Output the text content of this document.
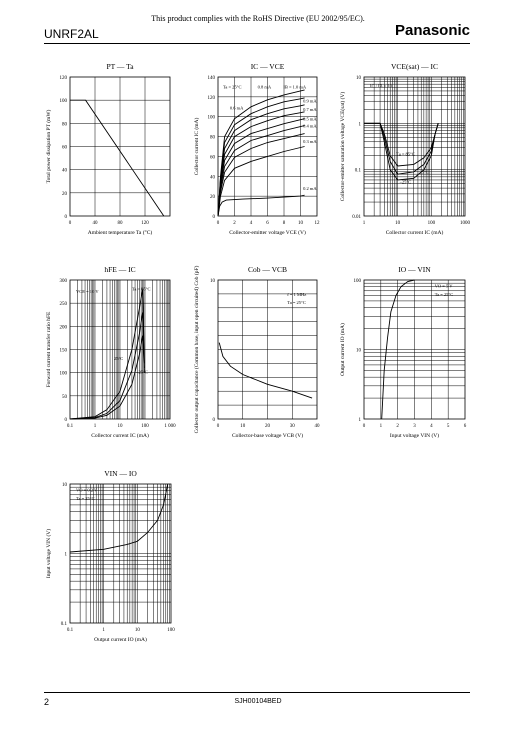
This product complies with the RoHS Directive (EU 2002/95/EC).
UNRF2AL	Panasonic
2	SJH00104BED
0	40	80	120
0
20
40
60
80
100
120
PT — Ta
Ambient temperature Ta (°C)
Total power dissipation PT (mW)
0	2	4	6	8	10 12
0
20
40
60
80
100
120
140
IC — VCE
Collector-emitter voltage VCE (V)
Collector current IC (mA)
Ta = 25°C
0.6 mA
0.8 mA	IB = 1.0 mA
0.9 mA
0.7 mA
0.5 mA
0.4 mA
0.3 mA
0.2 mA
1	10	100	1000
0.01
0.1
1
10
VCE(sat) — IC
Collector current IC (mA)
Collector-emitter saturation voltage VCE(sat) (V)
IC / IB = 10
Ta = 85°C
25°C
−25°C
0.1	1	10	100	1 000
0
50
100
150
200
250
300
hFE — IC
Collector current IC (mA)
Forward current transfer ratio hFE
VCE = 10 V
Ta = 85°C
25°C
−25°C
0	10	20	30	40
0
10
Cob — VCB
Collector-base voltage VCB (V)
Collector output capacitance (Common base, input open circuited) Cob (pF)	f = 1 MHz
Ta = 25°C
0	1	2	3	4	5	6
1
10
100
IO — VIN
Input voltage VIN (V)
Output current IO (mA)
VO = 5 V
Ta = 25°C
0.1	1	10	100
0.1
1
10
VIN — IO
Output current IO (mA)
Input voltage VIN (V)
VO = 0.2 V
Ta = 25°C
